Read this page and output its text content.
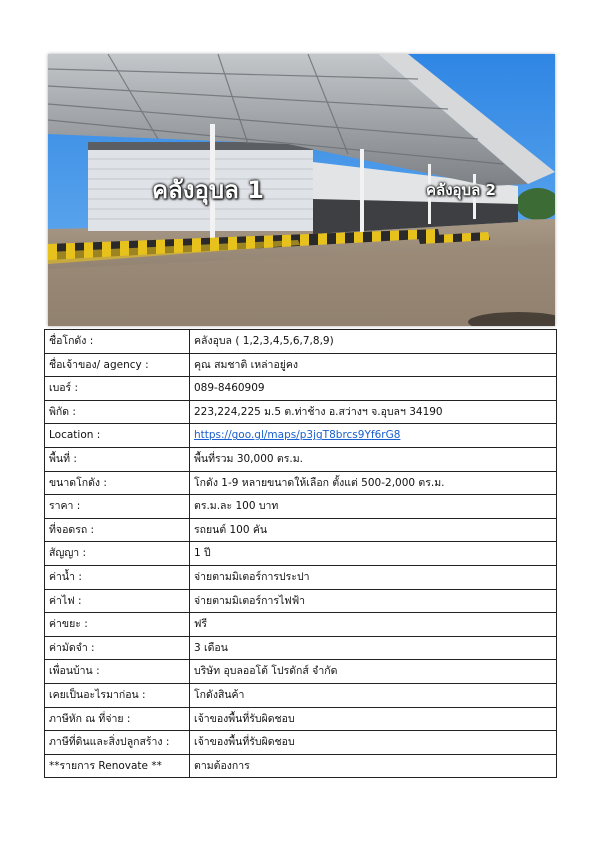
คลังอุบล 1	คลังอุบล 2
ชื่อโกดัง :	คลังอุบล ( 1,2,3,4,5,6,7,8,9)
ชื่อเจ้าของ/ agency :	คุณ สมชาติ เหล่าอยู่คง
เบอร์ :	089-8460909
พิกัด :	223,224,225 ม.5 ต.ท่าช้าง อ.สว่างฯ จ.อุบลฯ 34190
Location :	https://goo.gl/maps/p3jgT8brcs9Yf6rG8
พื้นที่ :	พื้นที่รวม 30,000 ตร.ม.
ขนาดโกดัง :	โกดัง 1-9 หลายขนาดให้เลือก ตั้งแต่ 500-2,000 ตร.ม.
ราคา :	ตร.ม.ละ 100 บาท
ที่จอดรถ :	รถยนต์ 100 คัน
สัญญา :	1 ปี
ค่าน้ำ :	จ่ายตามมิเตอร์การประปา
ค่าไฟ :	จ่ายตามมิเตอร์การไฟฟ้า
ค่าขยะ :	ฟรี
ค่ามัดจำ :	3 เดือน
เพื่อนบ้าน :	บริษัท อุบลออโต้ โปรดักส์ จำกัด
เคยเป็นอะไรมาก่อน :	โกดังสินค้า
ภาษีหัก ณ ที่จ่าย :	เจ้าของพื้นที่รับผิดชอบ
ภาษีที่ดินและสิ่งปลูกสร้าง :	เจ้าของพื้นที่รับผิดชอบ
**รายการ Renovate **	ตามต้องการ
